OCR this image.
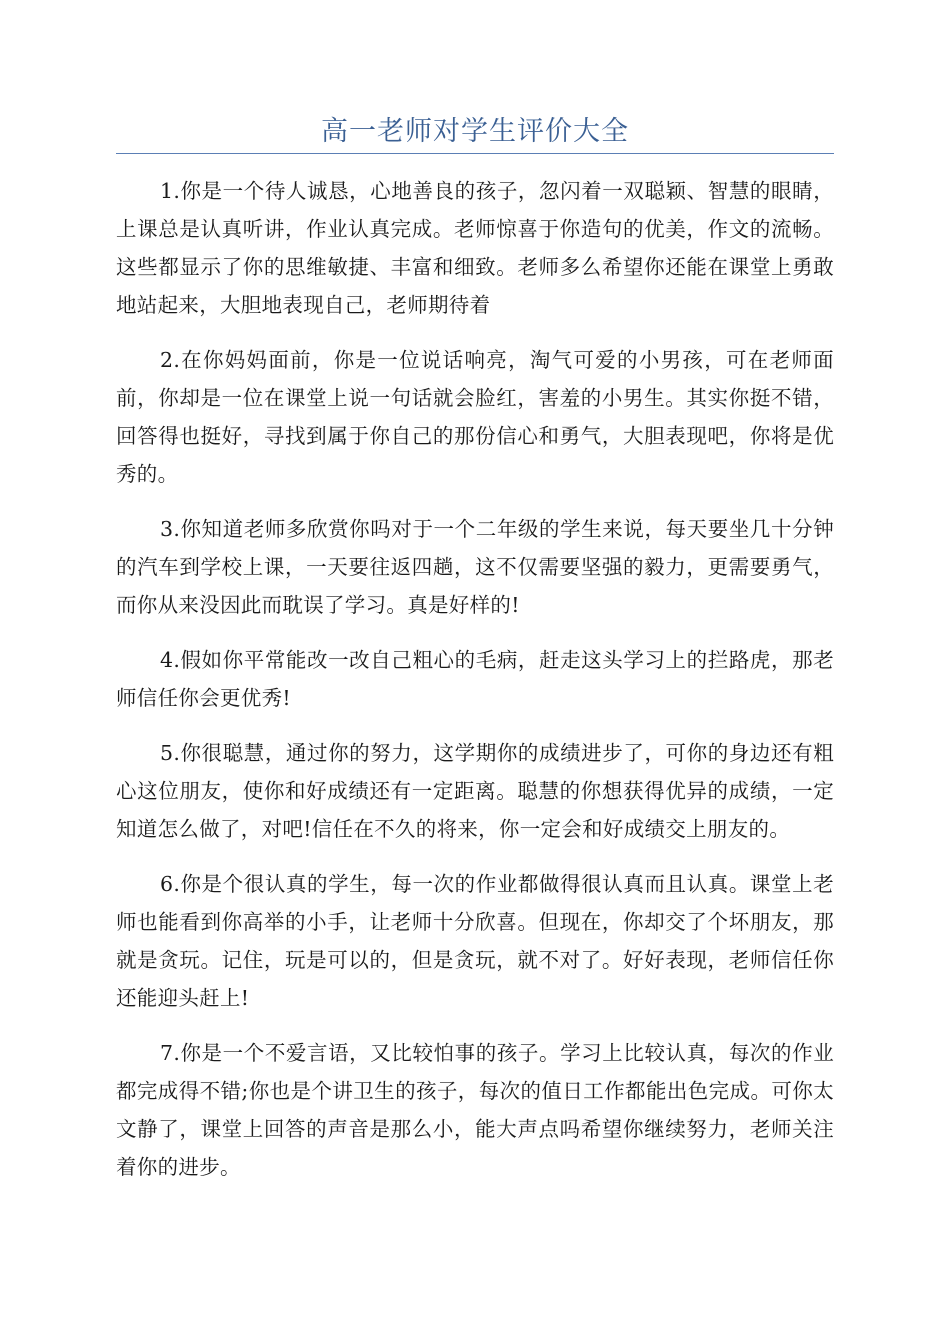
高一老师对学生评价大全

1.你是一个待人诚恳，心地善良的孩子，忽闪着一双聪颖、智慧的眼睛，上课总是认真听讲，作业认真完成。老师惊喜于你造句的优美，作文的流畅。这些都显示了你的思维敏捷、丰富和细致。老师多么希望你还能在课堂上勇敢地站起来，大胆地表现自己，老师期待着

2.在你妈妈面前，你是一位说话响亮，淘气可爱的小男孩，可在老师面前，你却是一位在课堂上说一句话就会脸红，害羞的小男生。其实你挺不错，回答得也挺好，寻找到属于你自己的那份信心和勇气，大胆表现吧，你将是优秀的。

3.你知道老师多欣赏你吗对于一个二年级的学生来说，每天要坐几十分钟的汽车到学校上课，一天要往返四趟，这不仅需要坚强的毅力，更需要勇气，而你从来没因此而耽误了学习。真是好样的!

4.假如你平常能改一改自己粗心的毛病，赶走这头学习上的拦路虎，那老师信任你会更优秀!

5.你很聪慧，通过你的努力，这学期你的成绩进步了，可你的身边还有粗心这位朋友，使你和好成绩还有一定距离。聪慧的你想获得优异的成绩，一定知道怎么做了，对吧!信任在不久的将来，你一定会和好成绩交上朋友的。

6.你是个很认真的学生，每一次的作业都做得很认真而且认真。课堂上老师也能看到你高举的小手，让老师十分欣喜。但现在，你却交了个坏朋友，那就是贪玩。记住，玩是可以的，但是贪玩，就不对了。好好表现，老师信任你还能迎头赶上!

7.你是一个不爱言语，又比较怕事的孩子。学习上比较认真，每次的作业都完成得不错;你也是个讲卫生的孩子，每次的值日工作都能出色完成。可你太文静了，课堂上回答的声音是那么小，能大声点吗希望你继续努力，老师关注着你的进步。
